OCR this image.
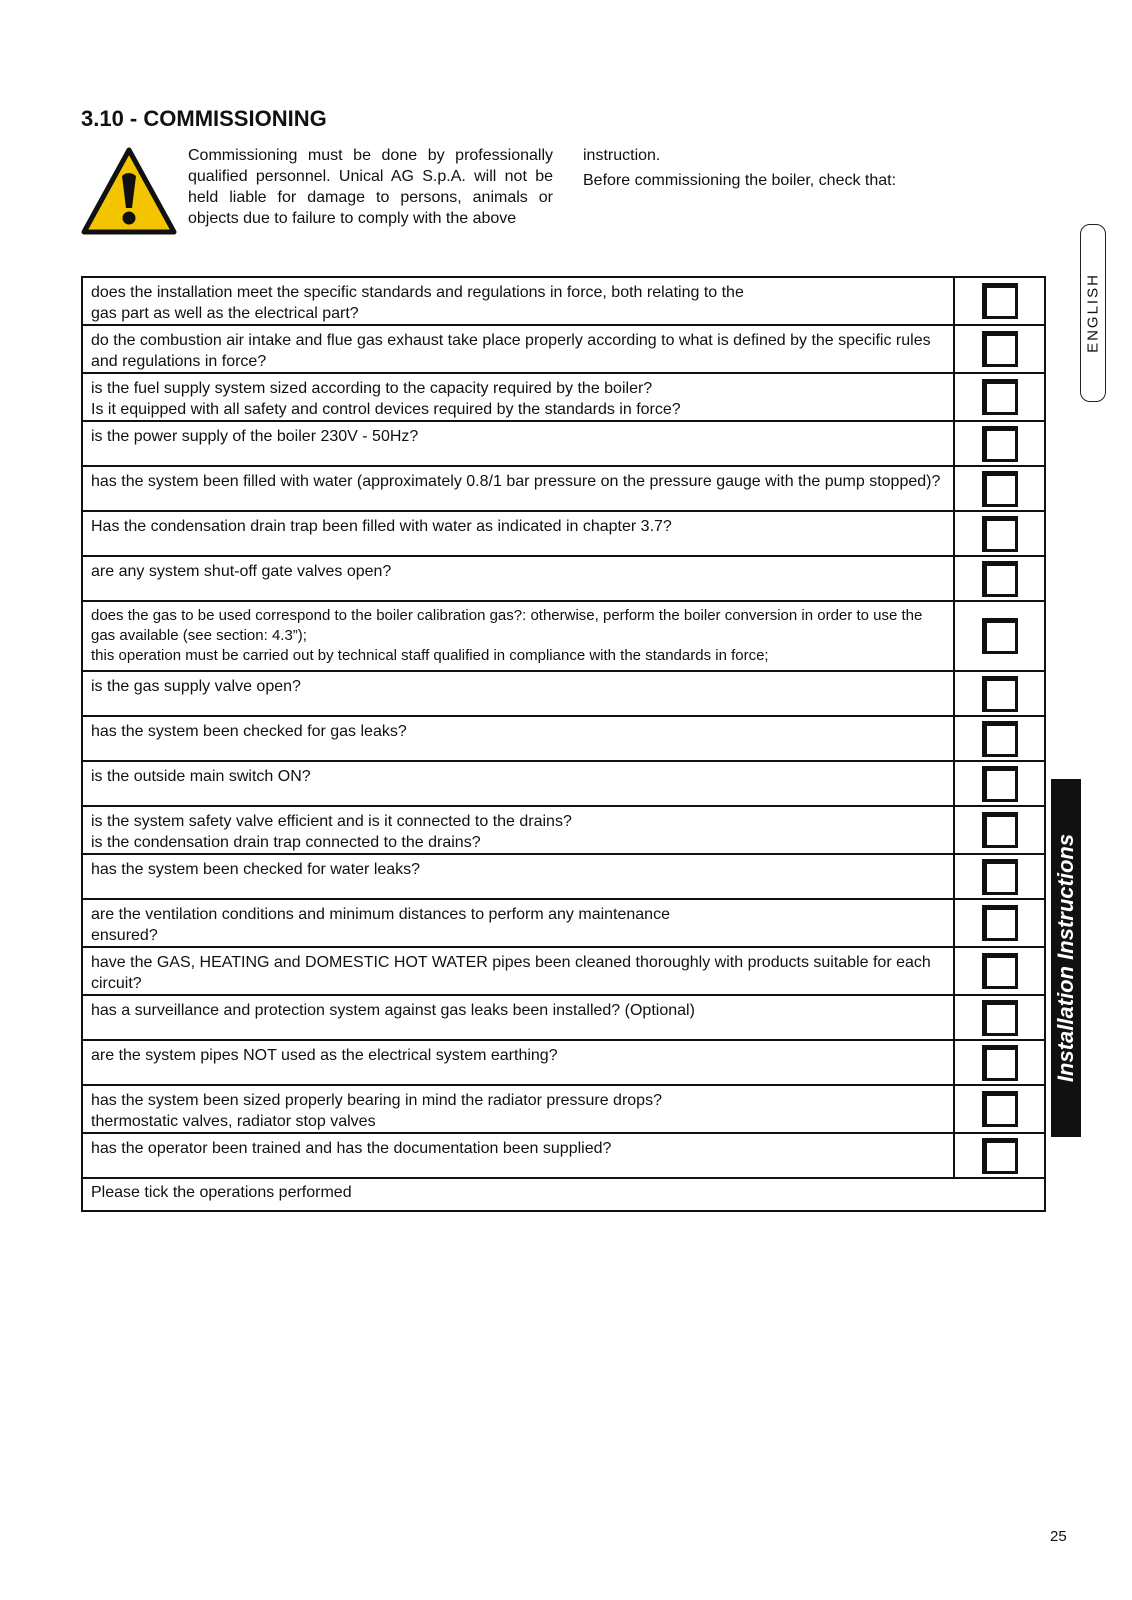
3.10 - COMMISSIONING

Commissioning must be done by professionally qualified personnel. Unical AG S.p.A. will not be held liable for damage to persons, animals or objects due to failure to comply with the above

instruction.

Before commissioning the boiler, check that:

ENGLISH
Installation Instructions
does the installation meet the specific standards and regulations in force, both relating to the
gas part as well as the electrical part?	

do the combustion air intake and flue gas exhaust take place properly according to what is defined by the specific rules and regulations in force?	

is the fuel supply system sized according to the capacity required by the boiler?
Is it equipped with all safety and control devices required by the standards in force?	

is the power supply of the boiler 230V - 50Hz?	

has the system been filled with water (approximately 0.8/1 bar pressure on the pressure gauge with the pump stopped)?	

Has the condensation drain trap been filled with water as indicated in chapter 3.7?	

are any system shut-off gate valves open?	

does the gas to be used correspond to the boiler calibration gas?: otherwise, perform the boiler conversion in order to use the gas available (see section: 4.3”);
this operation must be carried out by technical staff qualified in compliance with the standards in force;	

is the gas supply valve open?	

has the system been checked for gas leaks?	

is the outside main switch ON?	

is the system safety valve efficient and is it connected to the drains?
is the condensation drain trap connected to the drains?	

has the system been checked for water leaks?	

are the ventilation conditions and minimum distances to perform any maintenance
ensured?	

have the GAS, HEATING and DOMESTIC HOT WATER pipes been cleaned thoroughly with products suitable for each circuit?	

has a surveillance and protection system against gas leaks been installed? (Optional)	

are the system pipes NOT used as the electrical system earthing?	

has the system been sized properly bearing in mind the radiator pressure drops?
thermostatic valves, radiator stop valves	

has the operator been trained and has the documentation been supplied?	

Please tick the operations performed	
25
